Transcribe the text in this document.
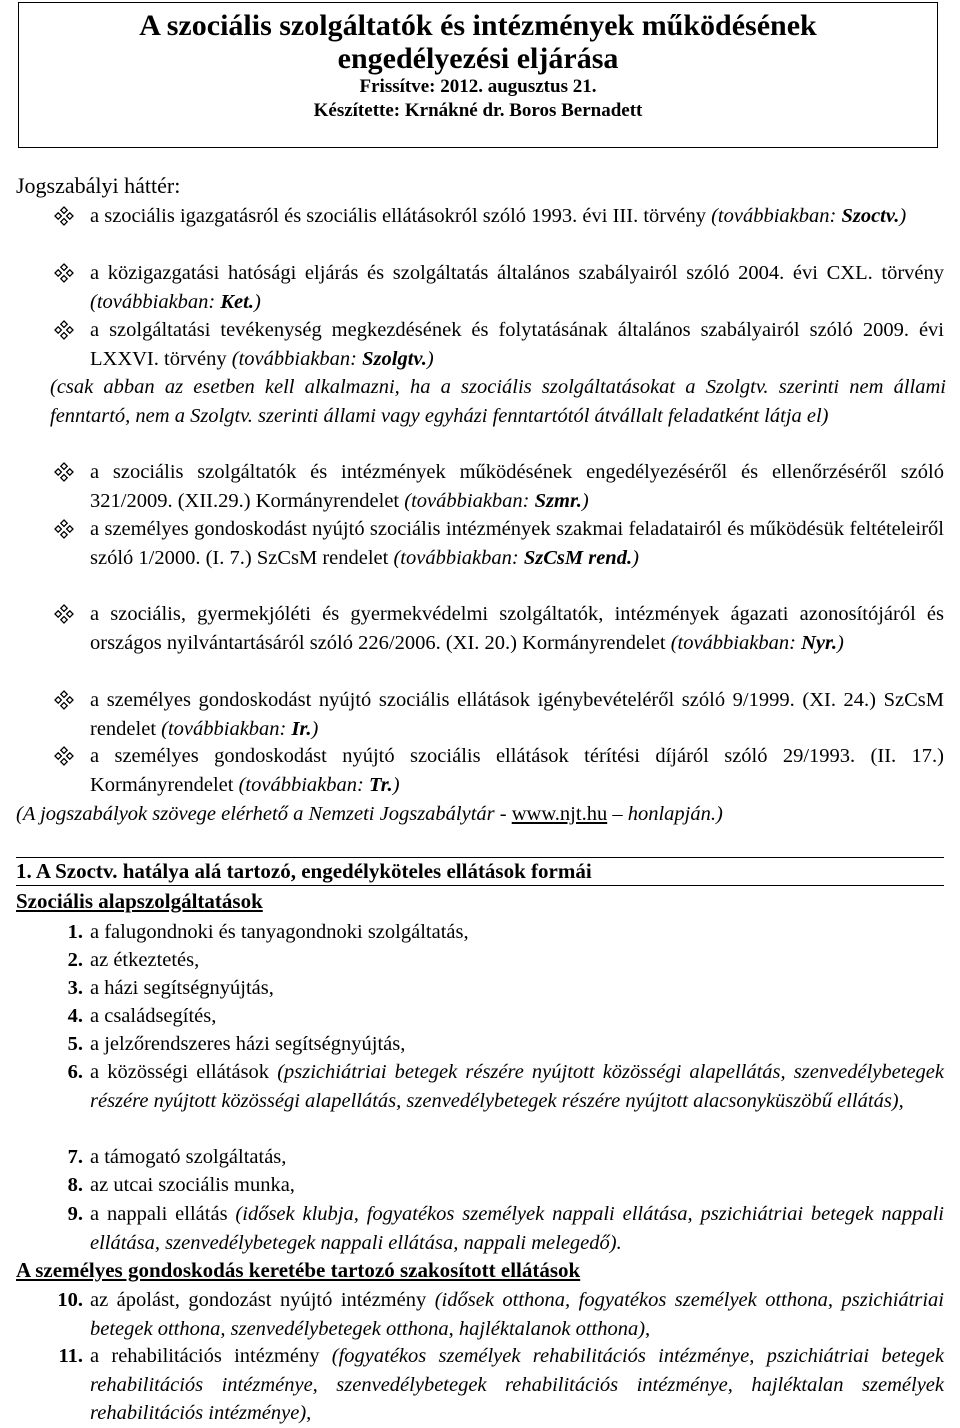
A szociális szolgáltatók és intézmények működésének
engedélyezési eljárása
Frissítve: 2012. augusztus 21.
Készítette: Krnákné dr. Boros Bernadett
Jogszabályi háttér:
a szociális igazgatásról és szociális ellátásokról szóló 1993. évi III. törvény (továbbiakban: Szoctv.)
a közigazgatási hatósági eljárás és szolgáltatás általános szabályairól szóló 2004. évi CXL. törvény (továbbiakban: Ket.)
a szolgáltatási tevékenység megkezdésének és folytatásának általános szabályairól szóló 2009. évi LXXVI. törvény (továbbiakban: Szolgtv.)
(csak abban az esetben kell alkalmazni, ha a szociális szolgáltatásokat a Szolgtv. szerinti nem állami fenntartó, nem a Szolgtv. szerinti állami vagy egyházi fenntartótól átvállalt feladatként látja el)
a szociális szolgáltatók és intézmények működésének engedélyezéséről és ellenőrzéséről szóló 321/2009. (XII.29.) Kormányrendelet (továbbiakban: Szmr.)
a személyes gondoskodást nyújtó szociális intézmények szakmai feladatairól és működésük feltételeiről szóló 1/2000. (I. 7.) SzCsM rendelet (továbbiakban: SzCsM rend.)
a szociális, gyermekjóléti és gyermekvédelmi szolgáltatók, intézmények ágazati azonosítójáról és országos nyilvántartásáról szóló 226/2006. (XI. 20.) Kormányrendelet (továbbiakban: Nyr.)
a személyes gondoskodást nyújtó szociális ellátások igénybevételéről szóló 9/1999. (XI. 24.) SzCsM rendelet (továbbiakban: Ir.)
a személyes gondoskodást nyújtó szociális ellátások térítési díjáról szóló 29/1993. (II. 17.) Kormányrendelet (továbbiakban: Tr.)
(A jogszabályok szövege elérhető a Nemzeti Jogszabálytár - www.njt.hu – honlapján.)
1. A Szoctv. hatálya alá tartozó, engedélyköteles ellátások formái
Szociális alapszolgáltatások
1. a falugondnoki és tanyagondnoki szolgáltatás,
2. az étkeztetés,
3. a házi segítségnyújtás,
4. a családsegítés,
5. a jelzőrendszeres házi segítségnyújtás,
6. a közösségi ellátások (pszichiátriai betegek részére nyújtott közösségi alapellátás, szenvedélybetegek részére nyújtott közösségi alapellátás, szenvedélybetegek részére nyújtott alacsonyküszöbű ellátás),
7. a támogató szolgáltatás,
8. az utcai szociális munka,
9. a nappali ellátás (idősek klubja, fogyatékos személyek nappali ellátása, pszichiátriai betegek nappali ellátása, szenvedélybetegek nappali ellátása, nappali melegedő).
A személyes gondoskodás keretébe tartozó szakosított ellátások
10. az ápolást, gondozást nyújtó intézmény (idősek otthona, fogyatékos személyek otthona, pszichiátriai betegek otthona, szenvedélybetegek otthona, hajléktalanok otthona),
11. a rehabilitációs intézmény (fogyatékos személyek rehabilitációs intézménye, pszichiátriai betegek rehabilitációs intézménye, szenvedélybetegek rehabilitációs intézménye, hajléktalan személyek rehabilitációs intézménye),
